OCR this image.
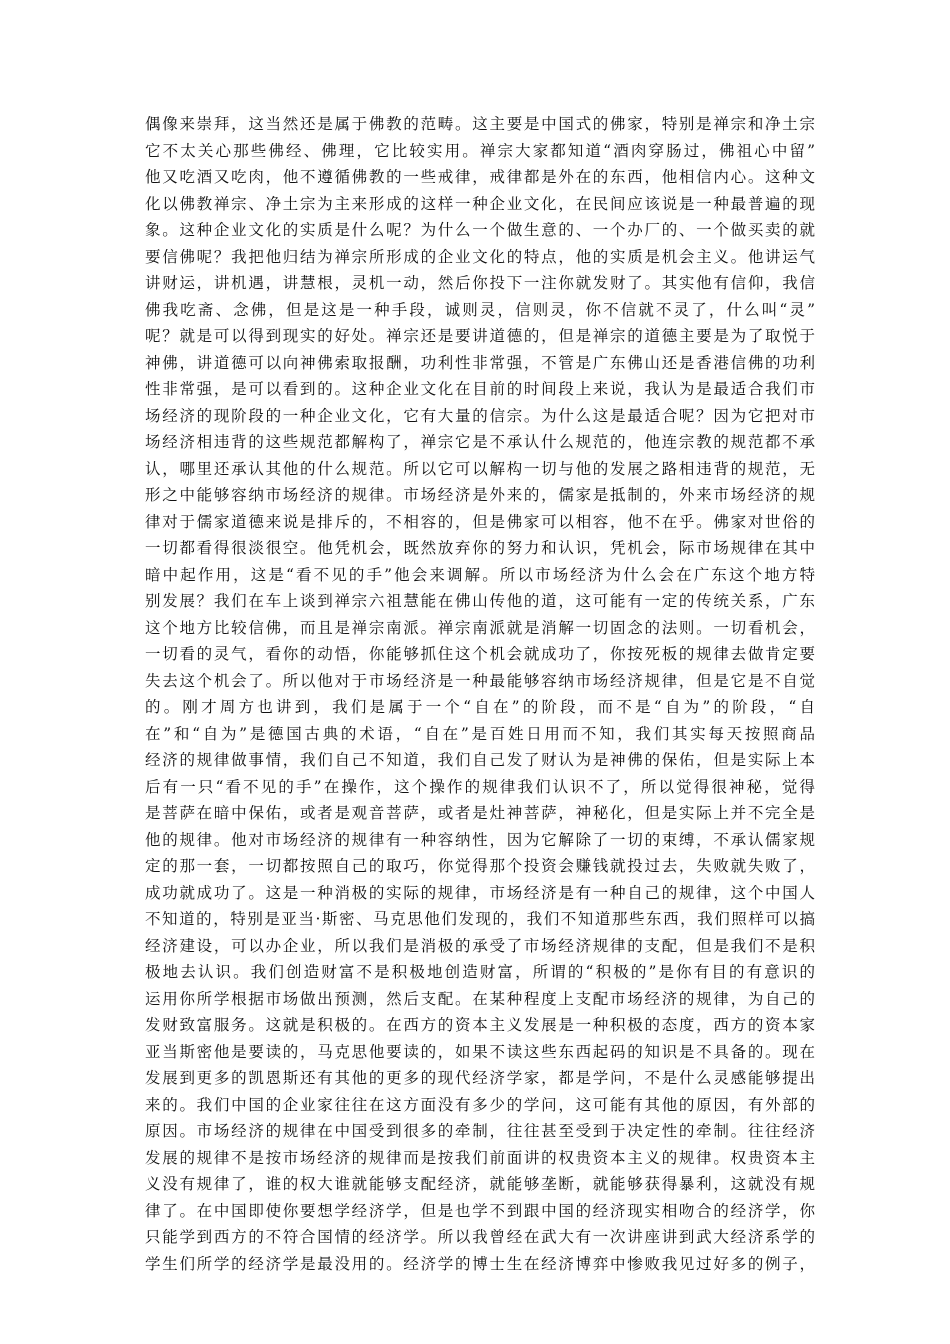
偶像来崇拜，这当然还是属于佛教的范畴。这主要是中国式的佛家，特别是禅宗和净土宗
它不太关心那些佛经、佛理，它比较实用。禅宗大家都知道“酒肉穿肠过，佛祖心中留”
他又吃酒又吃肉，他不遵循佛教的一些戒律，戒律都是外在的东西，他相信内心。这种文
化以佛教禅宗、净土宗为主来形成的这样一种企业文化，在民间应该说是一种最普遍的现
象。这种企业文化的实质是什么呢？为什么一个做生意的、一个办厂的、一个做买卖的就
要信佛呢？我把他归结为禅宗所形成的企业文化的特点，他的实质是机会主义。他讲运气
讲财运，讲机遇，讲慧根，灵机一动，然后你投下一注你就发财了。其实他有信仰，我信
佛我吃斋、念佛，但是这是一种手段，诚则灵，信则灵，你不信就不灵了，什么叫“灵”
呢？就是可以得到现实的好处。禅宗还是要讲道德的，但是禅宗的道德主要是为了取悦于
神佛，讲道德可以向神佛索取报酬，功利性非常强，不管是广东佛山还是香港信佛的功利
性非常强，是可以看到的。这种企业文化在目前的时间段上来说，我认为是最适合我们市
场经济的现阶段的一种企业文化，它有大量的信宗。为什么这是最适合呢？因为它把对市
场经济相违背的这些规范都解构了，禅宗它是不承认什么规范的，他连宗教的规范都不承
认，哪里还承认其他的什么规范。所以它可以解构一切与他的发展之路相违背的规范，无
形之中能够容纳市场经济的规律。市场经济是外来的，儒家是抵制的，外来市场经济的规
律对于儒家道德来说是排斥的，不相容的，但是佛家可以相容，他不在乎。佛家对世俗的
一切都看得很淡很空。他凭机会，既然放弃你的努力和认识，凭机会，际市场规律在其中
暗中起作用，这是“看不见的手”他会来调解。所以市场经济为什么会在广东这个地方特
别发展？我们在车上谈到禅宗六祖慧能在佛山传他的道，这可能有一定的传统关系，广东
这个地方比较信佛，而且是禅宗南派。禅宗南派就是消解一切固念的法则。一切看机会，
一切看的灵气，看你的动悟，你能够抓住这个机会就成功了，你按死板的规律去做肯定要
失去这个机会了。所以他对于市场经济是一种最能够容纳市场经济规律，但是它是不自觉
的。刚才周方也讲到，我们是属于一个“自在”的阶段，而不是“自为”的阶段，“自
在”和“自为”是德国古典的术语，“自在”是百姓日用而不知，我们其实每天按照商品
经济的规律做事情，我们自己不知道，我们自己发了财认为是神佛的保佑，但是实际上本
后有一只“看不见的手”在操作，这个操作的规律我们认识不了，所以觉得很神秘，觉得
是菩萨在暗中保佑，或者是观音菩萨，或者是灶神菩萨，神秘化，但是实际上并不完全是
他的规律。他对市场经济的规律有一种容纳性，因为它解除了一切的束缚，不承认儒家规
定的那一套，一切都按照自己的取巧，你觉得那个投资会赚钱就投过去，失败就失败了，
成功就成功了。这是一种消极的实际的规律，市场经济是有一种自己的规律，这个中国人
不知道的，特别是亚当·斯密、马克思他们发现的，我们不知道那些东西，我们照样可以搞
经济建设，可以办企业，所以我们是消极的承受了市场经济规律的支配，但是我们不是积
极地去认识。我们创造财富不是积极地创造财富，所谓的“积极的”是你有目的有意识的
运用你所学根据市场做出预测，然后支配。在某种程度上支配市场经济的规律，为自己的
发财致富服务。这就是积极的。在西方的资本主义发展是一种积极的态度，西方的资本家
亚当斯密他是要读的，马克思他要读的，如果不读这些东西起码的知识是不具备的。现在
发展到更多的凯恩斯还有其他的更多的现代经济学家，都是学问，不是什么灵感能够提出
来的。我们中国的企业家往往在这方面没有多少的学问，这可能有其他的原因，有外部的
原因。市场经济的规律在中国受到很多的牵制，往往甚至受到于决定性的牵制。往往经济
发展的规律不是按市场经济的规律而是按我们前面讲的权贵资本主义的规律。权贵资本主
义没有规律了，谁的权大谁就能够支配经济，就能够垄断，就能够获得暴利，这就没有规
律了。在中国即使你要想学经济学，但是也学不到跟中国的经济现实相吻合的经济学，你
只能学到西方的不符合国情的经济学。所以我曾经在武大有一次讲座讲到武大经济系学的
学生们所学的经济学是最没用的。经济学的博士生在经济博弈中惨败我见过好多的例子，
